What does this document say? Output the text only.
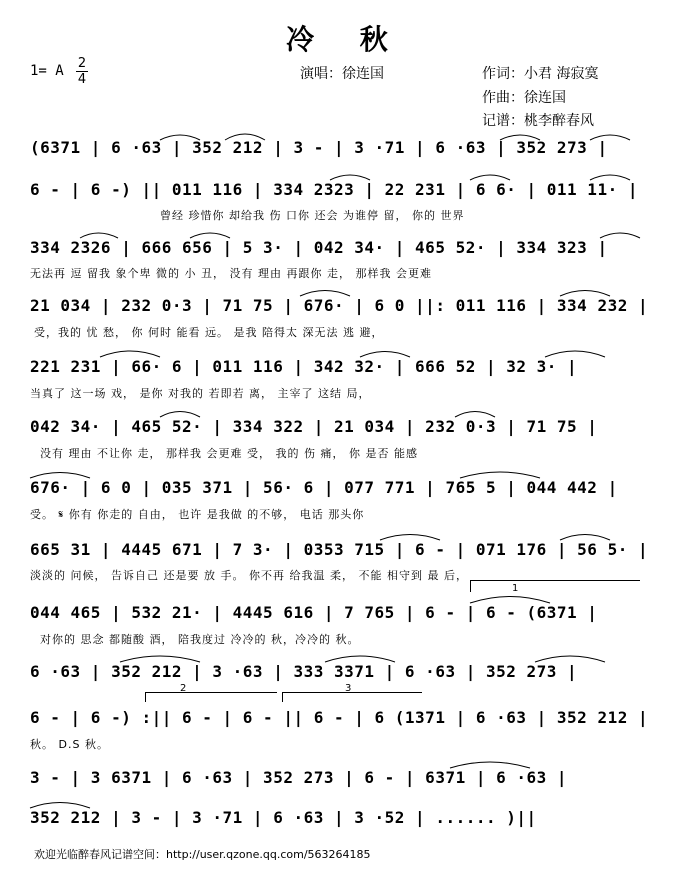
冷 秋
1= A 2
4	演唱：徐连国	作词：小君 海寂寞
作曲：徐连国
记谱：桃李醉春风
(6371 | 6 ·63 | 352 212 | 3 - | 3 ·71 | 6 ·63 | 352 273 |
6 - | 6 -) || 011 116 | 334 2323 | 22 231 | 6 6· | 011 11· |
曾经 珍惜你 却给我 伤 口你 还会 为谁停 留， 你的 世界
334 2326 | 666 656 | 5 3· | 042 34· | 465 52· | 334 323 |
无法再 逗 留我 象个卑 微的 小 丑， 没有 理由 再跟你 走， 那样我 会更难
21 034 | 232 0·3 | 71 75 | 676· | 6 0 ||: 011 116 | 334 232 |
受，我的 忧 愁， 你 何时 能看 远。 是我 陪得太 深无法 逃 避，
221 231 | 66· 6 | 011 116 | 342 32· | 666 52 | 32 3· |
当真了 这一场 戏， 是你 对我的 若即若 离， 主宰了 这结 局，
042 34· | 465 52· | 334 322 | 21 034 | 232 0·3 | 71 75 |
没有 理由 不让你 走， 那样我 会更难 受， 我的 伤 痛， 你 是否 能感
676· | 6 0 | 035 371 | 56· 6 | 077 771 | 765 5 | 044 442 |
受。 𝄋 你有 你走的 自由， 也许 是我做 的不够， 电话 那头你
665 31 | 4445 671 | 7 3· | 0353 715 | 6 - | 071 176 | 56 5· |
淡淡的 问候， 告诉自己 还是要 放 手。 你不再 给我温 柔， 不能 相守到 最 后，
044 465 | 532 21· | 4445 616 | 7 765 | 6 - | 6 - (6371 |
对你的 思念 都随酸 酒， 陪我度过 冷冷的 秋，冷冷的 秋。
6 ·63 | 352 212 | 3 ·63 | 333 3371 | 6 ·63 | 352 273 |
6 - | 6 -) :|| 6 - | 6 - || 6 - | 6 (1371 | 6 ·63 | 352 212 |
秋。 D.S 秋。
3 - | 3 6371 | 6 ·63 | 352 273 | 6 - | 6371 | 6 ·63 |
352 212 | 3 - | 3 ·71 | 6 ·63 | 3 ·52 | ...... )||
1
2	3
欢迎光临醉春风记谱空间：http://user.qzone.qq.com/563264185
